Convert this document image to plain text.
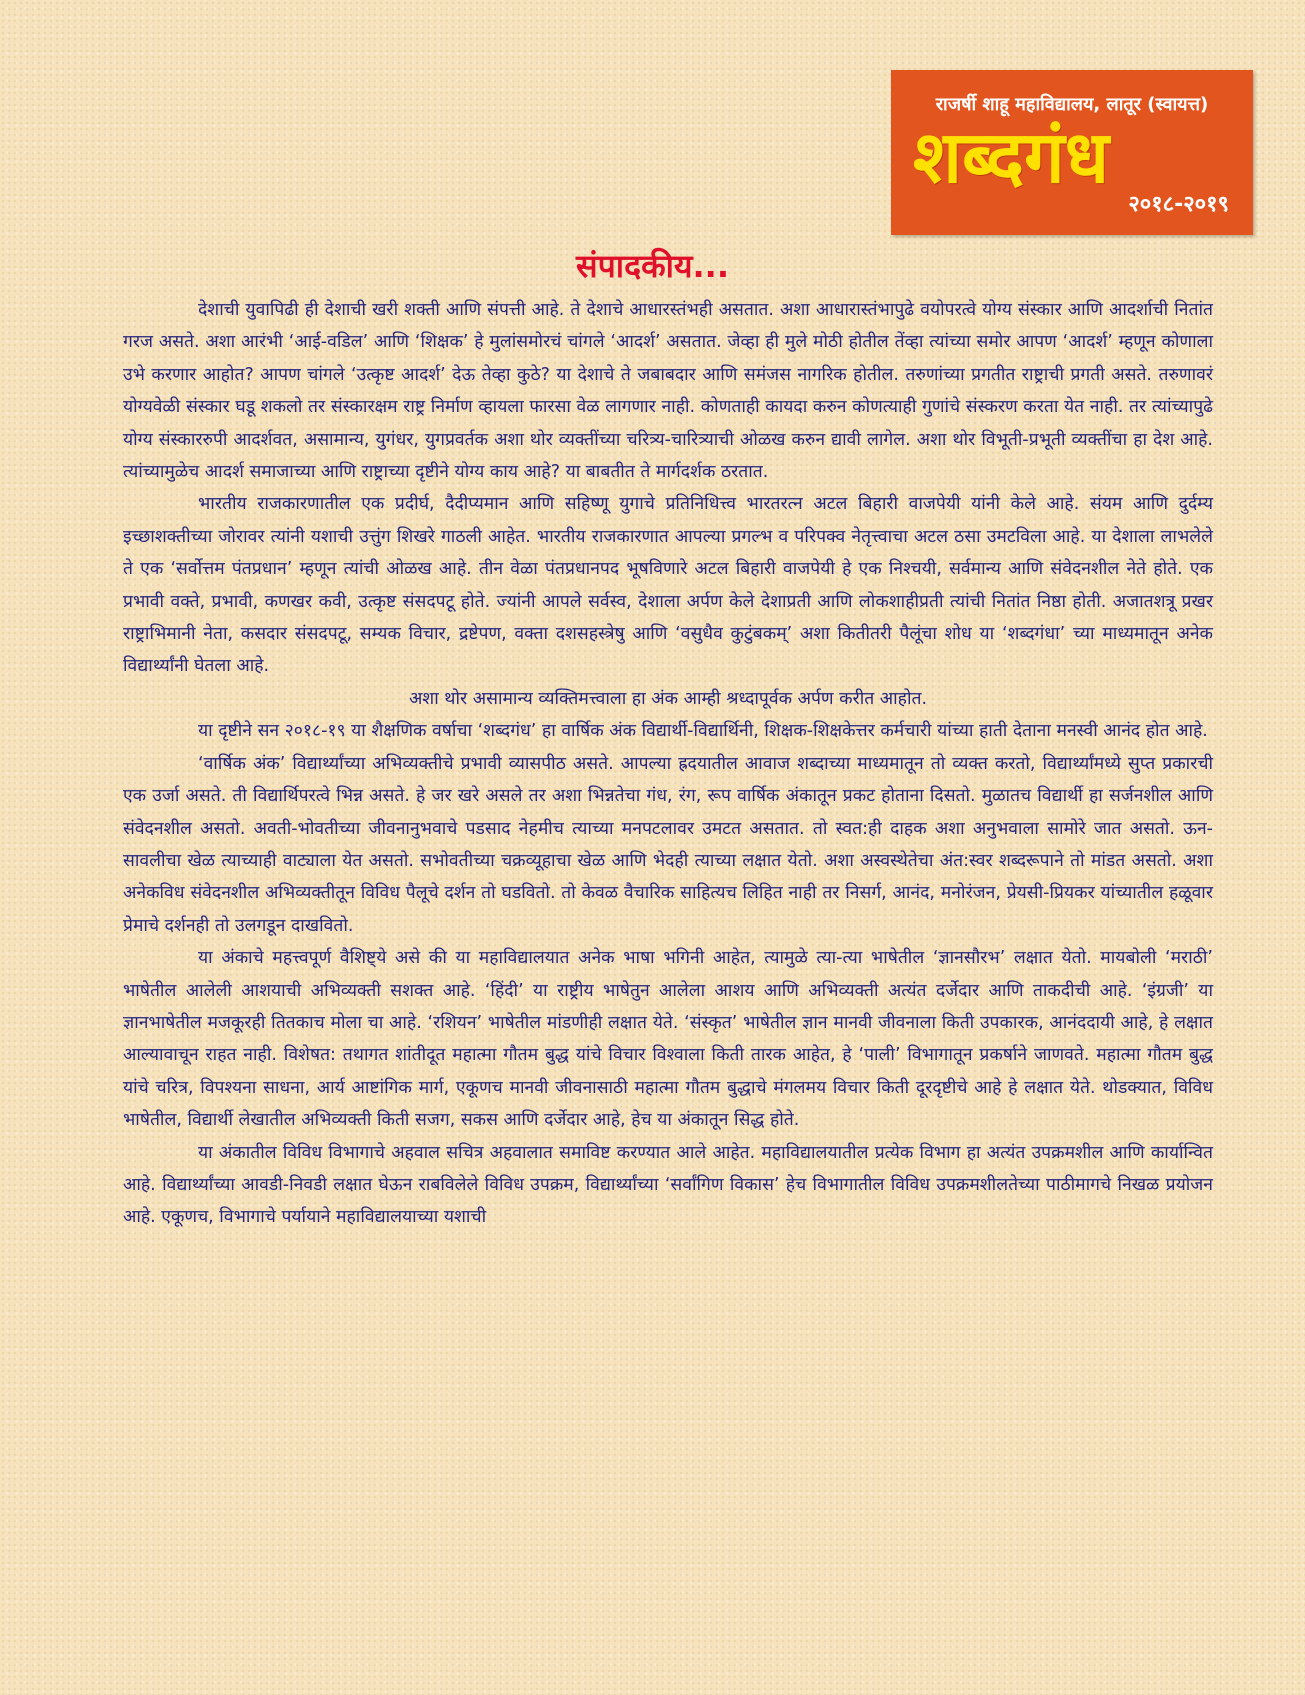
राजर्षी शाहू महाविद्यालय, लातूर (स्वायत्त)
शब्दगंध
२०१८-२०१९
संपादकीय...

देशाची युवापिढी ही देशाची खरी शक्ती आणि संपत्ती आहे. ते देशाचे आधारस्तंभही असतात. अशा आधारास्तंभापुढे वयोपरत्वे योग्य संस्कार आणि आदर्शाची नितांत गरज असते. अशा आरंभी ‘आई-वडिल’ आणि ‘शिक्षक’ हे मुलांसमोरचं चांगले ‘आदर्श’ असतात. जेव्हा ही मुले मोठी होतील तेंव्हा त्यांच्या समोर आपण ‘आदर्श’ म्हणून कोणाला उभे करणार आहोत? आपण चांगले ‘उत्कृष्ट आदर्श’ देऊ तेव्हा कुठे? या देशाचे ते जबाबदार आणि समंजस नागरिक होतील. तरुणांच्या प्रगतीत राष्ट्राची प्रगती असते. तरुणावरं योग्यवेळी संस्कार घडू शकलो तर संस्कारक्षम राष्ट्र निर्माण व्हायला फारसा वेळ लागणार नाही. कोणताही कायदा करुन कोणत्याही गुणांचे संस्करण करता येत नाही. तर त्यांच्यापुढे योग्य संस्काररुपी आदर्शवत, असामान्य, युगंधर, युगप्रवर्तक अशा थोर व्यक्तींच्या चरित्र्य-चारित्र्याची ओळख करुन द्यावी लागेल. अशा थोर विभूती-प्रभूती व्यक्तींचा हा देश आहे. त्यांच्यामुळेच आदर्श समाजाच्या आणि राष्ट्राच्या दृष्टीने योग्य काय आहे? या बाबतीत ते मार्गदर्शक ठरतात.

भारतीय राजकारणातील एक प्रदीर्घ, दैदीप्यमान आणि सहिष्णू युगाचे प्रतिनिधित्त्व भारतरत्न अटल बिहारी वाजपेयी यांनी केले आहे. संयम आणि दुर्दम्य इच्छाशक्तीच्या जोरावर त्यांनी यशाची उत्तुंग शिखरे गाठली आहेत. भारतीय राजकारणात आपल्या प्रगल्भ व परिपक्व नेतृत्त्वाचा अटल ठसा उमटविला आहे. या देशाला लाभलेले ते एक ‘सर्वोत्तम पंतप्रधान’ म्हणून त्यांची ओळख आहे. तीन वेळा पंतप्रधानपद भूषविणारे अटल बिहारी वाजपेयी हे एक निश्चयी, सर्वमान्य आणि संवेदनशील नेते होते. एक प्रभावी वक्ते, प्रभावी, कणखर कवी, उत्कृष्ट संसदपटू होते. ज्यांनी आपले सर्वस्व, देशाला अर्पण केले देशाप्रती आणि लोकशाहीप्रती त्यांची नितांत निष्ठा होती. अजातशत्रू प्रखर राष्ट्राभिमानी नेता, कसदार संसदपटू, सम्यक विचार, द्रष्टेपण, वक्ता दशसहस्त्रेषु आणि ‘वसुधैव कुटुंबकम्’ अशा कितीतरी पैलूंचा शोध या ‘शब्दगंधा’ च्या माध्यमातून अनेक विद्यार्थ्यांनी घेतला आहे.

अशा थोर असामान्य व्यक्तिमत्त्वाला हा अंक आम्ही श्रध्दापूर्वक अर्पण करीत आहोत.

या दृष्टीने सन २०१८-१९ या शैक्षणिक वर्षाचा ‘शब्दगंध’ हा वार्षिक अंक विद्यार्थी-विद्यार्थिनी, शिक्षक-शिक्षकेत्तर कर्मचारी यांच्या हाती देताना मनस्वी आनंद होत आहे.

‘वार्षिक अंक’ विद्यार्थ्यांच्या अभिव्यक्तीचे प्रभावी व्यासपीठ असते. आपल्या ह्रदयातील आवाज शब्दाच्या माध्यमातून तो व्यक्त करतो, विद्यार्थ्यांमध्ये सुप्त प्रकारची एक उर्जा असते. ती विद्यार्थिपरत्वे भिन्न असते. हे जर खरे असले तर अशा भिन्नतेचा गंध, रंग, रूप वार्षिक अंकातून प्रकट होताना दिसतो. मुळातच विद्यार्थी हा सर्जनशील आणि संवेदनशील असतो. अवती-भोवतीच्या जीवनानुभवाचे पडसाद नेहमीच त्याच्या मनपटलावर उमटत असतात. तो स्वत:ही दाहक अशा अनुभवाला सामोरे जात असतो. ऊन-सावलीचा खेळ त्याच्याही वाट्याला येत असतो. सभोवतीच्या चक्रव्यूहाचा खेळ आणि भेदही त्याच्या लक्षात येतो. अशा अस्वस्थेतेचा अंत:स्वर शब्दरूपाने तो मांडत असतो. अशा अनेकविध संवेदनशील अभिव्यक्तीतून विविध पैलूचे दर्शन तो घडवितो. तो केवळ वैचारिक साहित्यच लिहित नाही तर निसर्ग, आनंद, मनोरंजन, प्रेयसी-प्रियकर यांच्यातील हळूवार प्रेमाचे दर्शनही तो उलगडून दाखवितो.

या अंकाचे महत्त्वपूर्ण वैशिष्ट्ये असे की या महाविद्यालयात अनेक भाषा भगिनी आहेत, त्यामुळे त्या-त्या भाषेतील ‘ज्ञानसौरभ’ लक्षात येतो. मायबोली ‘मराठी’ भाषेतील आलेली आशयाची अभिव्यक्ती सशक्त आहे. ‘हिंदी’ या राष्ट्रीय भाषेतुन आलेला आशय आणि अभिव्यक्ती अत्यंत दर्जेदार आणि ताकदीची आहे. ‘इंग्रजी’ या ज्ञानभाषेतील मजकूरही तितकाच मोला चा आहे. ‘रशियन’ भाषेतील मांडणीही लक्षात येते. ‘संस्कृत’ भाषेतील ज्ञान मानवी जीवनाला किती उपकारक, आनंददायी आहे, हे लक्षात आल्यावाचून राहत नाही. विशेषत: तथागत शांतीदूत महात्मा गौतम बुद्ध यांचे विचार विश्वाला किती तारक आहेत, हे ‘पाली’ विभागातून प्रकर्षाने जाणवते. महात्मा गौतम बुद्ध यांचे चरित्र, विपश्यना साधना, आर्य आष्टांगिक मार्ग, एकूणच मानवी जीवनासाठी महात्मा गौतम बुद्धाचे मंगलमय विचार किती दूरदृष्टीचे आहे हे लक्षात येते. थोडक्यात, विविध भाषेतील, विद्यार्थी लेखातील अभिव्यक्ती किती सजग, सकस आणि दर्जेदार आहे, हेच या अंकातून सिद्ध होते.

या अंकातील विविध विभागाचे अहवाल सचित्र अहवालात समाविष्ट करण्यात आले आहेत. महाविद्यालयातील प्रत्येक विभाग हा अत्यंत उपक्रमशील आणि कार्यान्वित आहे. विद्यार्थ्यांच्या आवडी-निवडी लक्षात घेऊन राबविलेले विविध उपक्रम, विद्यार्थ्यांच्या ‘सर्वांगिण विकास’ हेच विभागातील विविध उपक्रमशीलतेच्या पाठीमागचे निखळ प्रयोजन आहे. एकूणच, विभागाचे पर्यायाने महाविद्यालयाच्या यशाची
